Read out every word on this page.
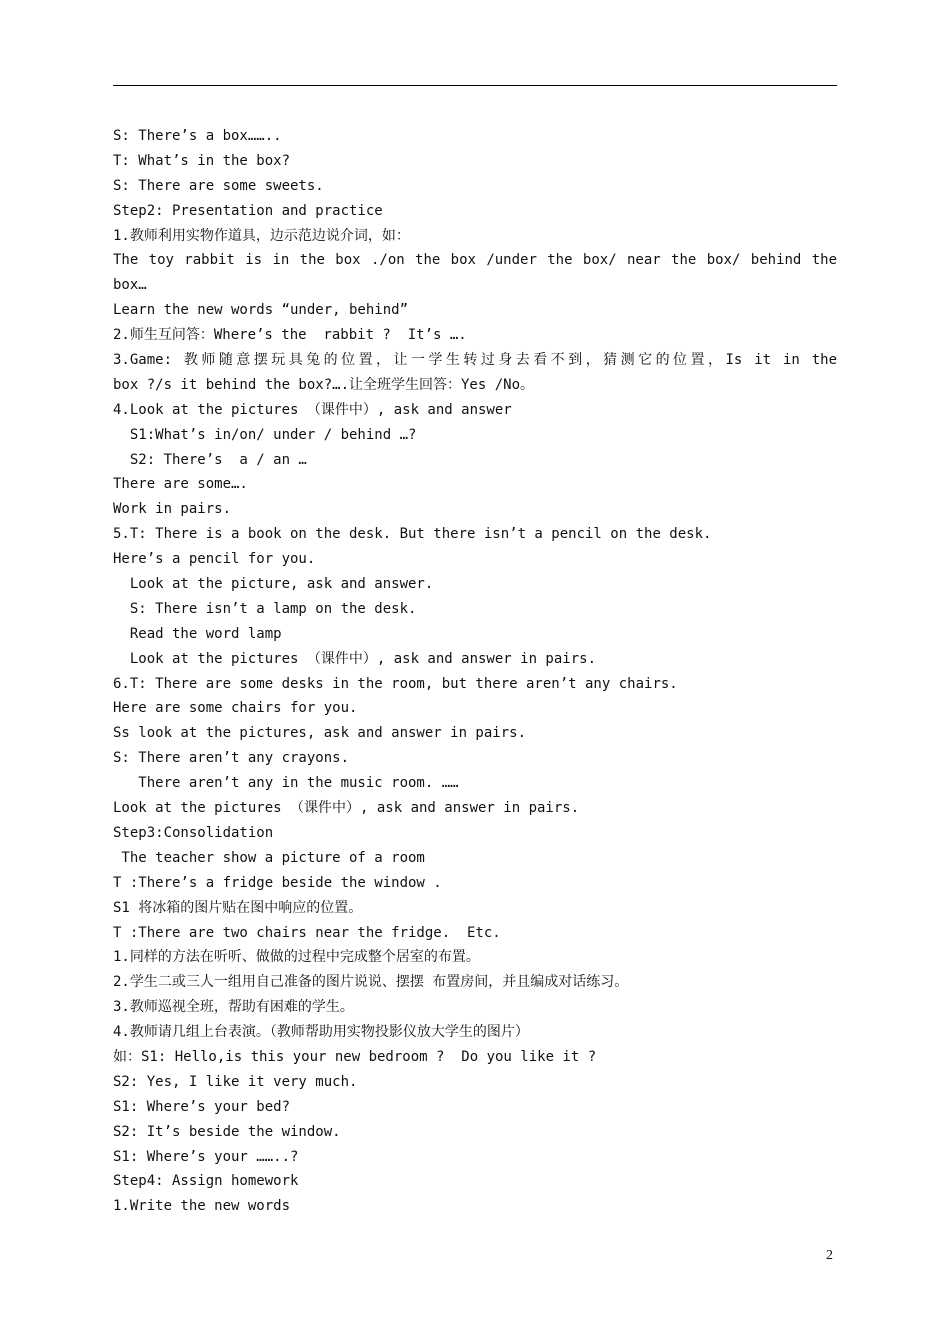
S: There’s a box……..
T: What’s in the box?
S: There are some sweets.
Step2: Presentation and practice
1.教师利用实物作道具，边示范边说介词，如：
The toy rabbit is in the box ./on the box /under the box/ near the box/ behind the
box…
Learn the new words “under, behind”
2.师生互问答：Where’s the  rabbit ?  It’s ….
3.Game: 教师随意摆玩具兔的位置，让一学生转过身去看不到，猜测它的位置，Is it in the
box ?/s it behind the box?….让全班学生回答：Yes /No。
4.Look at the pictures （课件中）, ask and answer
S1:What’s in/on/ under / behind …?
S2: There’s  a / an …
There are some….
Work in pairs.
5.T: There is a book on the desk. But there isn’t a pencil on the desk.
Here’s a pencil for you.
Look at the picture, ask and answer.
S: There isn’t a lamp on the desk.
Read the word lamp
Look at the pictures （课件中）, ask and answer in pairs.
6.T: There are some desks in the room, but there aren’t any chairs.
Here are some chairs for you.
Ss look at the pictures, ask and answer in pairs.
S: There aren’t any crayons.
There aren’t any in the music room. ……
Look at the pictures （课件中）, ask and answer in pairs.
Step3:Consolidation
The teacher show a picture of a room
T :There’s a fridge beside the window .
S1 将冰箱的图片贴在图中响应的位置。
T :There are two chairs near the fridge.  Etc.
1.同样的方法在听听、做做的过程中完成整个居室的布置。
2.学生二或三人一组用自己准备的图片说说、摆摆 布置房间，并且编成对话练习。
3.教师巡视全班，帮助有困难的学生。
4.教师请几组上台表演。（教师帮助用实物投影仪放大学生的图片）
如：S1: Hello,is this your new bedroom ?  Do you like it ?
S2: Yes, I like it very much.
S1: Where’s your bed?
S2: It’s beside the window.
S1: Where’s your ……..?
Step4: Assign homework
1.Write the new words
2
